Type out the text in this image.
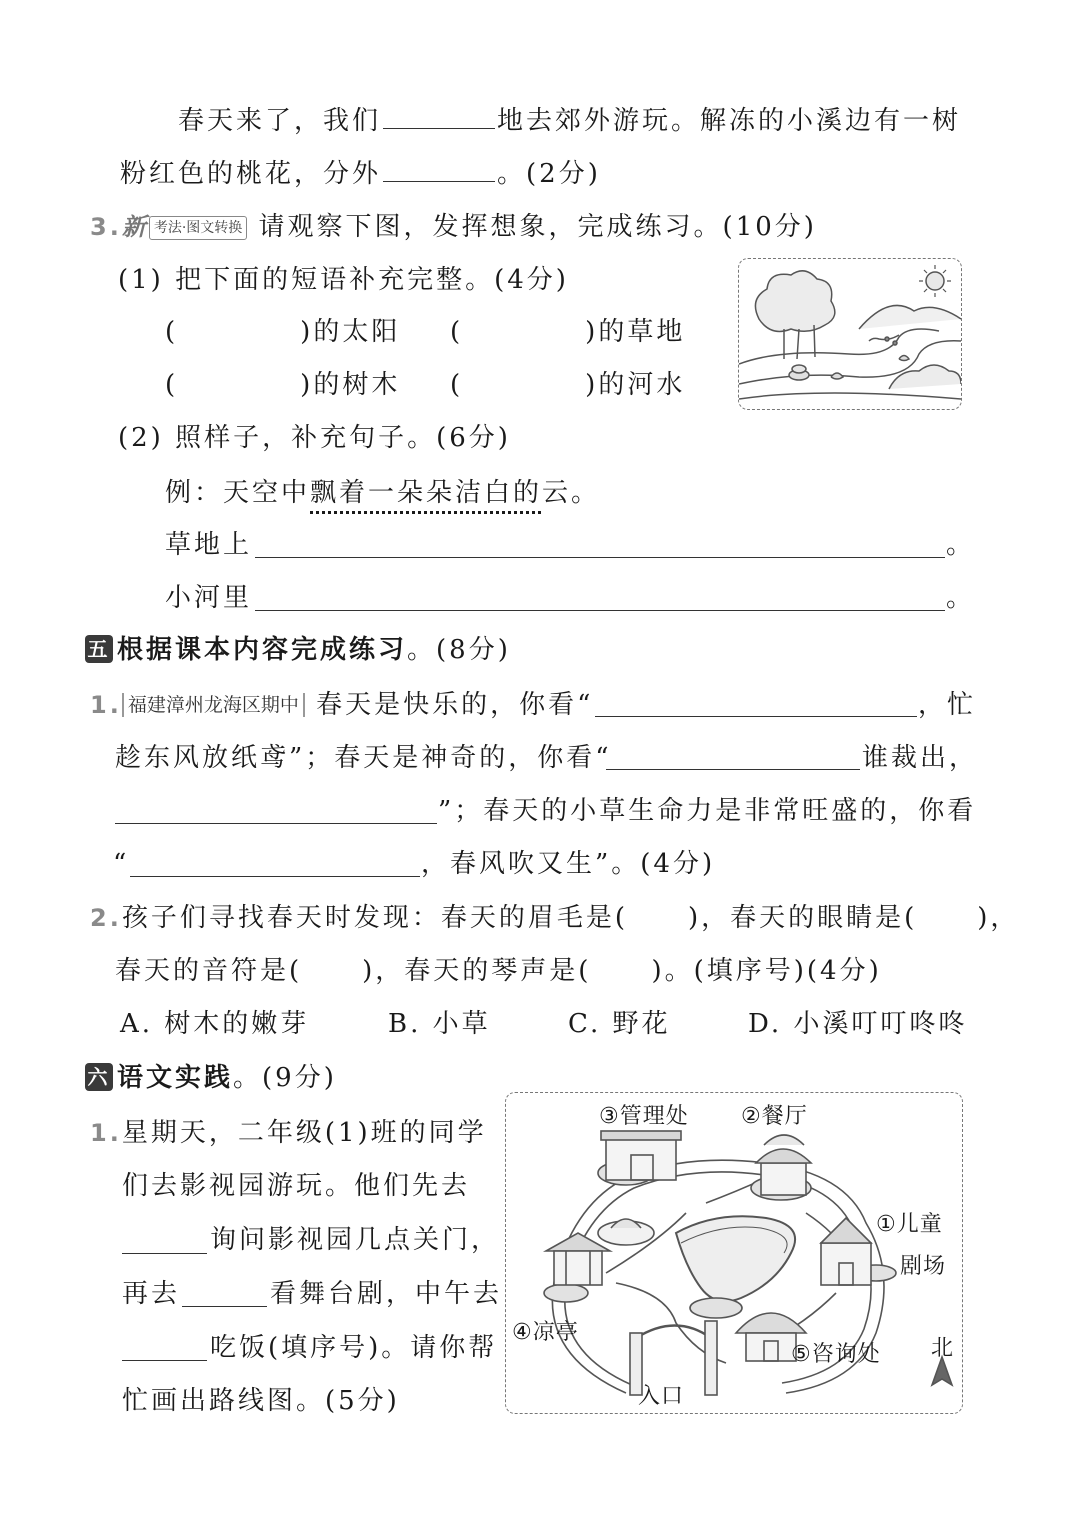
春天来了，我们	地去郊外游玩。解冻的小溪边有一树
粉红色的桃花，分外	。(2分)
3.新 考法·图文转换 请观察下图，发挥想象，完成练习。(10分)
(1) 把下面的短语补充完整。(4分)
(	)的太阳 (	)的草地
(	)的树木 (	)的河水
(2) 照样子，补充句子。(6分)
例：天空中飘着一朵朵洁白的云。
草地上	。
小河里	。
五 根据课本内容完成练习。(8分)
1. 福建漳州龙海区期中 春天是快乐的，你看“	，忙
趁东风放纸鸢”；春天是神奇的，你看“	谁裁出，
”；春天的小草生命力是非常旺盛的，你看
“	，春风吹又生”。(4分)
2.孩子们寻找春天时发现：春天的眉毛是( )，春天的眼睛是( )，
春天的音符是( )，春天的琴声是( )。(填序号)(4分)
A. 树木的嫩芽	B. 小草	C. 野花	D. 小溪叮叮咚咚
六 语文实践。(9分)
1.星期天，二年级(1)班的同学
们去影视园游玩。他们先去
询问影视园几点关门，
再去	看舞台剧，中午去
吃饭(填序号)。请你帮
忙画出路线图。(5分)
③管理处 ②餐厅
①儿童
剧场
④凉亭
⑤咨询处
入口
北
